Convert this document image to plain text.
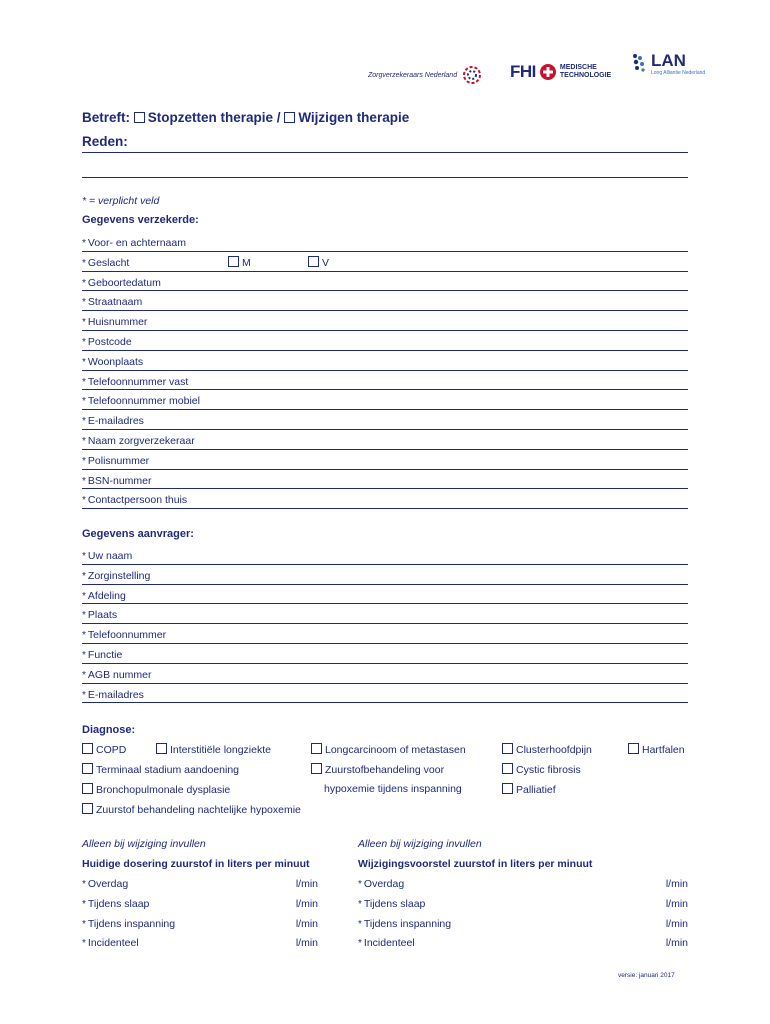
Zorgverzekeraars Nederland	FHI	MEDISCHE
TECHNOLOGIE
LAN
Long Alliantie Nederland
Betreft: Stopzetten therapie / Wijzigen therapie
Reden:
* = verplicht veld
Gegevens verzekerde:
* Voor- en achternaam
* Geslacht	M	V
* Geboortedatum
* Straatnaam
* Huisnummer
* Postcode
* Woonplaats
* Telefoonnummer vast
* Telefoonnummer mobiel
* E-mailadres
* Naam zorgverzekeraar
* Polisnummer
* BSN-nummer
* Contactpersoon thuis
Gegevens aanvrager:
* Uw naam
* Zorginstelling
* Afdeling
* Plaats
* Telefoonnummer
* Functie
* AGB nummer
* E-mailadres
Diagnose:
COPD	Interstitiële longziekte	Longcarcinoom of metastasen	Clusterhoofdpijn	Hartfalen
Terminaal stadium aandoening	Zuurstofbehandeling voor	Cystic fibrosis
Bronchopulmonale dysplasie	hypoxemie tijdens inspanning	Palliatief
Zuurstof behandeling nachtelijke hypoxemie
Alleen bij wijziging invullen
Huidige dosering zuurstof in liters per minuut
* Overdag	l/min
* Tijdens slaap	l/min
* Tijdens inspanning	l/min
* Incidenteel	l/min
Alleen bij wijziging invullen
Wijzigingsvoorstel zuurstof in liters per minuut
* Overdag	l/min
* Tijdens slaap	l/min
* Tijdens inspanning	l/min
* Incidenteel	l/min
versie: januari 2017
